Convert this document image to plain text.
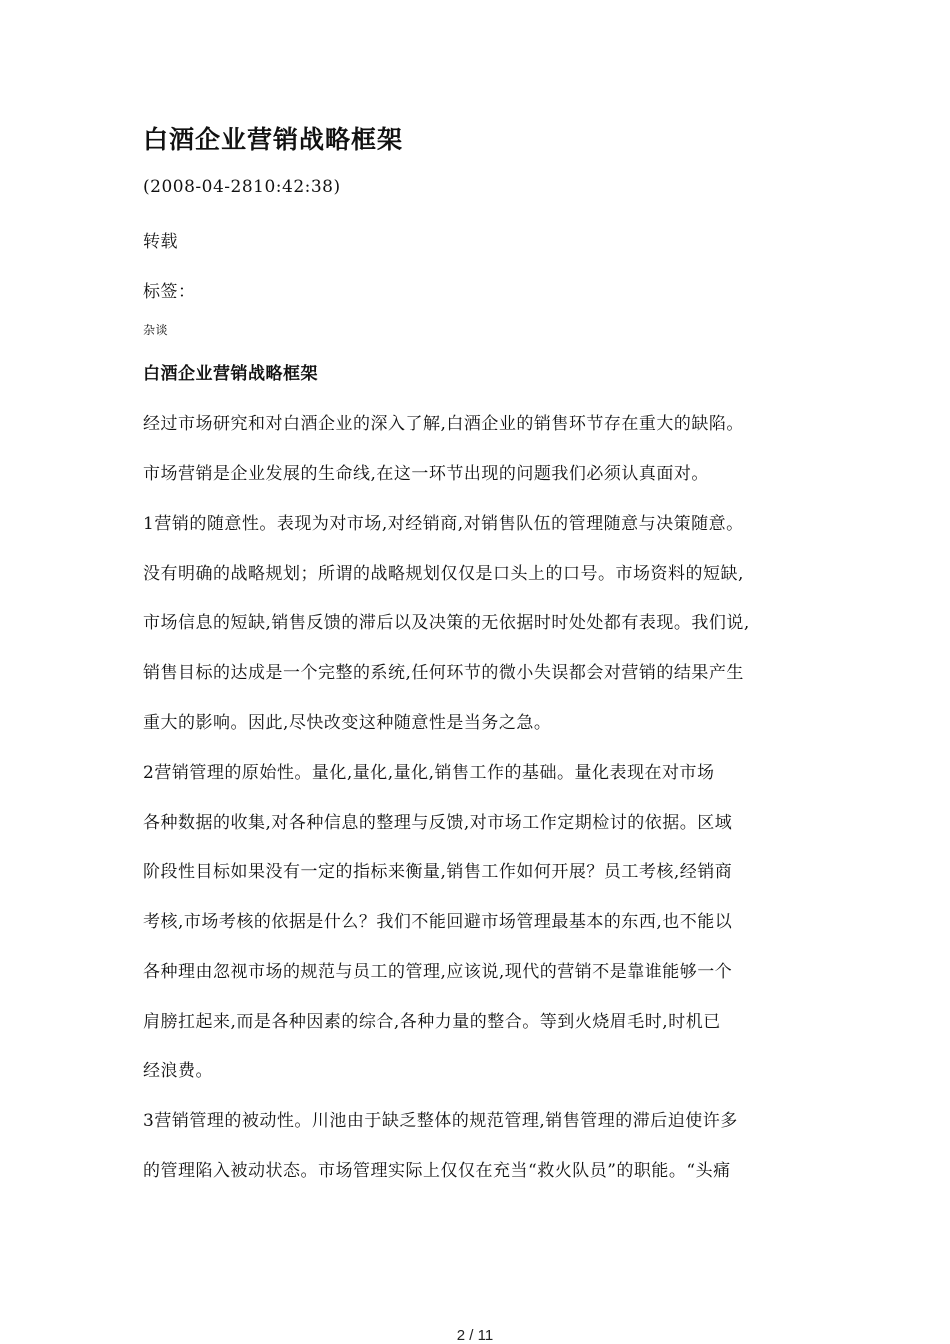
白酒企业营销战略框架

(2008-04-2810:42:38)

转载

标签：

杂谈

白酒企业营销战略框架

经过市场研究和对白酒企业的深入了解,白酒企业的销售环节存在重大的缺陷。

市场营销是企业发展的生命线,在这一环节出现的问题我们必须认真面对。

1营销的随意性。表现为对市场,对经销商,对销售队伍的管理随意与决策随意。

没有明确的战略规划；所谓的战略规划仅仅是口头上的口号。市场资料的短缺,

市场信息的短缺,销售反馈的滞后以及决策的无依据时时处处都有表现。我们说,

销售目标的达成是一个完整的系统,任何环节的微小失误都会对营销的结果产生

重大的影响。因此,尽快改变这种随意性是当务之急。

2营销管理的原始性。量化,量化,量化,销售工作的基础。量化表现在对市场

各种数据的收集,对各种信息的整理与反馈,对市场工作定期检讨的依据。区域

阶段性目标如果没有一定的指标来衡量,销售工作如何开展？员工考核,经销商

考核,市场考核的依据是什么？我们不能回避市场管理最基本的东西,也不能以

各种理由忽视市场的规范与员工的管理,应该说,现代的营销不是靠谁能够一个

肩膀扛起来,而是各种因素的综合,各种力量的整合。等到火烧眉毛时,时机已

经浪费。

3营销管理的被动性。川池由于缺乏整体的规范管理,销售管理的滞后迫使许多

的管理陷入被动状态。市场管理实际上仅仅在充当“救火队员”的职能。“头痛

2 / 11
